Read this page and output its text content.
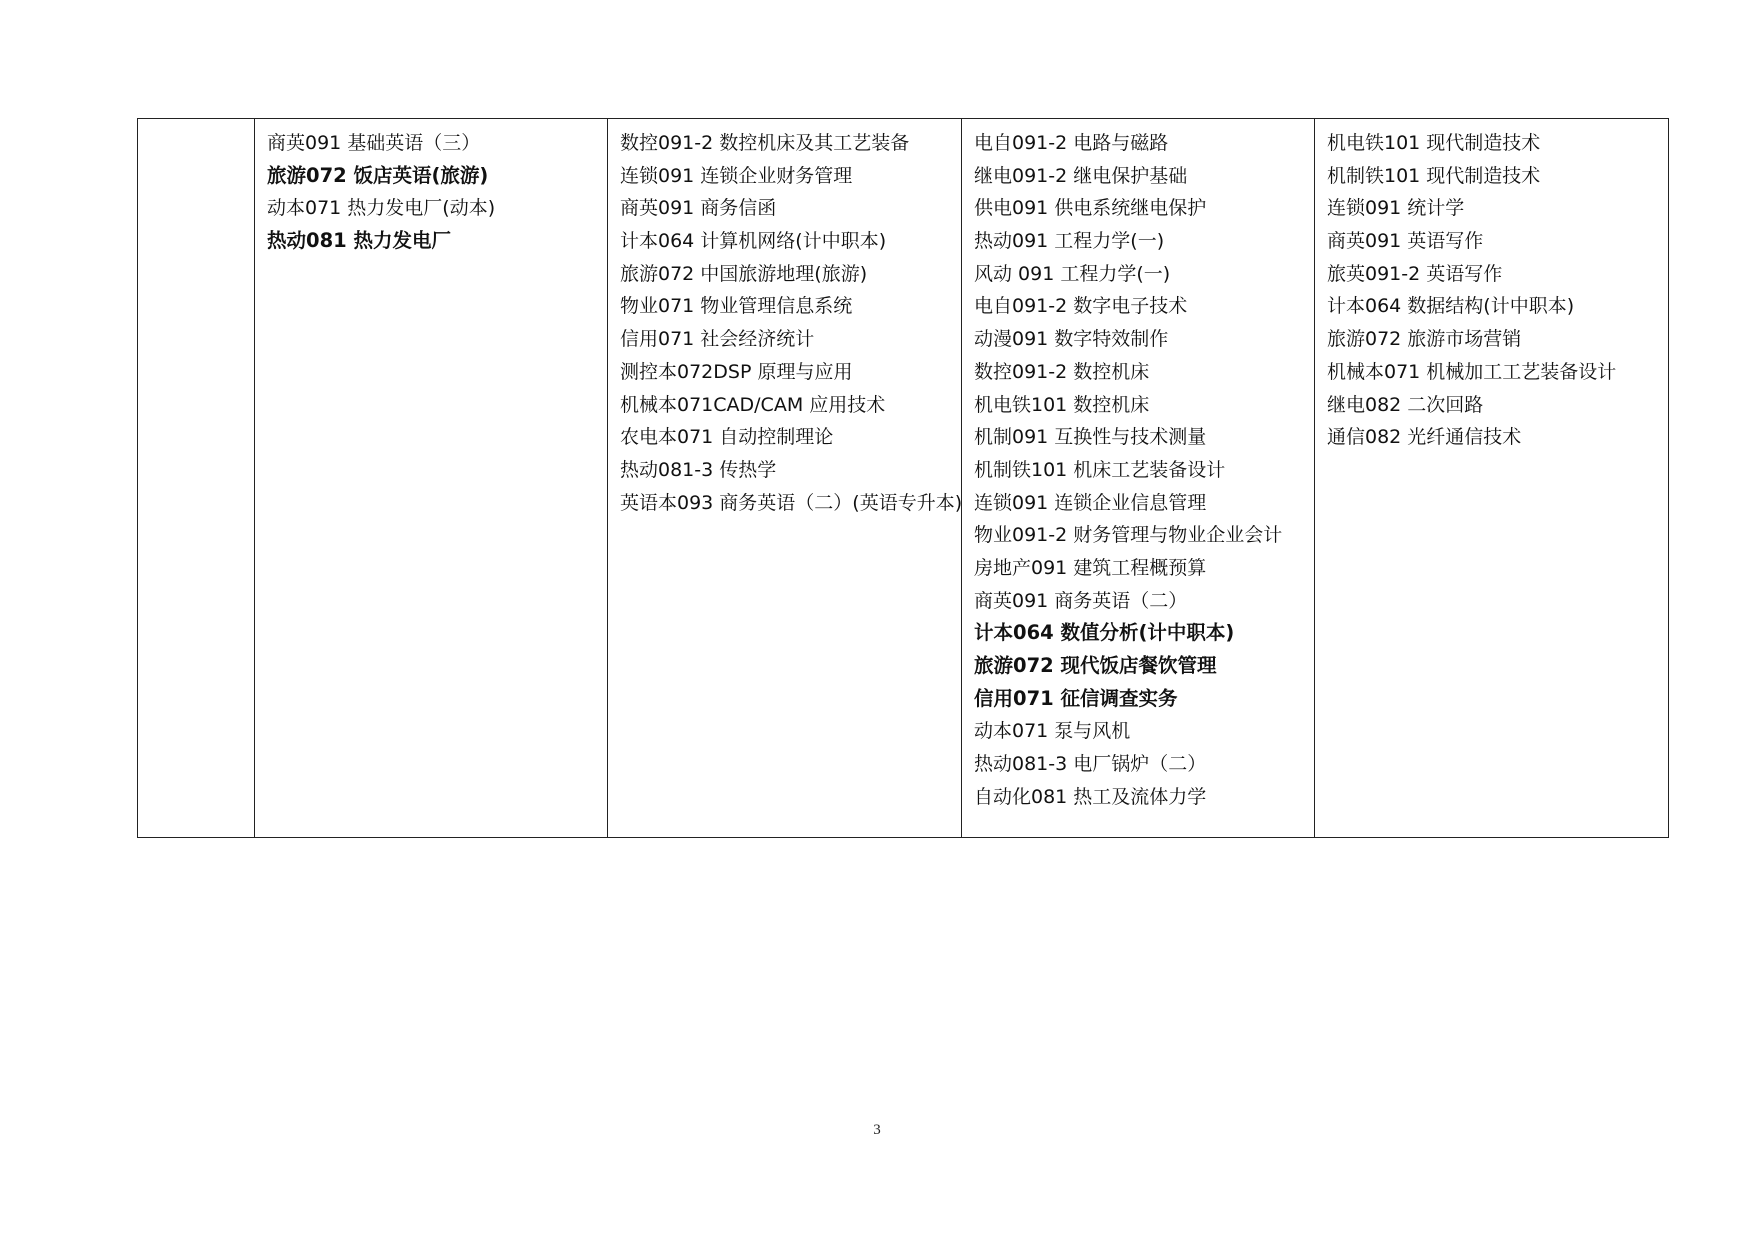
商英091 基础英语（三）
旅游072 饭店英语(旅游)
动本071 热力发电厂(动本)
热动081 热力发电厂

数控091-2 数控机床及其工艺装备
连锁091 连锁企业财务管理
商英091 商务信函
计本064 计算机网络(计中职本)
旅游072 中国旅游地理(旅游)
物业071 物业管理信息系统
信用071 社会经济统计
测控本072DSP 原理与应用
机械本071CAD/CAM 应用技术
农电本071 自动控制理论
热动081-3 传热学
英语本093 商务英语（二）(英语专升本)

电自091-2 电路与磁路
继电091-2 继电保护基础
供电091 供电系统继电保护
热动091 工程力学(一)
风动 091 工程力学(一)
电自091-2 数字电子技术
动漫091 数字特效制作
数控091-2 数控机床
机电铁101 数控机床
机制091 互换性与技术测量
机制铁101 机床工艺装备设计
连锁091 连锁企业信息管理
物业091-2 财务管理与物业企业会计
房地产091 建筑工程概预算
商英091 商务英语（二）
计本064 数值分析(计中职本)
旅游072 现代饭店餐饮管理
信用071 征信调查实务
动本071 泵与风机
热动081-3 电厂锅炉（二）
自动化081 热工及流体力学

机电铁101 现代制造技术
机制铁101 现代制造技术
连锁091 统计学
商英091 英语写作
旅英091-2 英语写作
计本064 数据结构(计中职本)
旅游072 旅游市场营销
机械本071 机械加工工艺装备设计
继电082 二次回路
通信082 光纤通信技术
3
